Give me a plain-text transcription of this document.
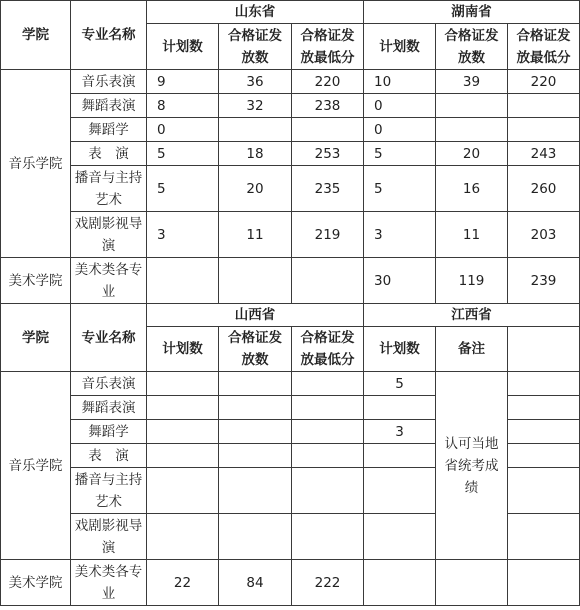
学院	专业名称	山东省			湖南省		
		计划数	合格证发放数	合格证发放最低分	计划数	合格证发放数	合格证发放最低分
音乐学院	音乐表演	9	36	220	10	39	220
	舞蹈表演	8	32	238	0		
	舞蹈学	0			0		
	表　演	5	18	253	5	20	243
	播音与主持艺术	5	20	235	5	16	260
	戏剧影视导演	3	11	219	3	11	203
美术学院	美术类各专业				30	119	239
学院	专业名称	山西省			江西省		
		计划数	合格证发放数	合格证发放最低分	计划数	备注	
音乐学院	音乐表演				5	认可当地省统考成绩	
	舞蹈表演						
	舞蹈学				3		
	表　演						
	播音与主持艺术						
	戏剧影视导演						
美术学院	美术类各专业	22	84	222			
